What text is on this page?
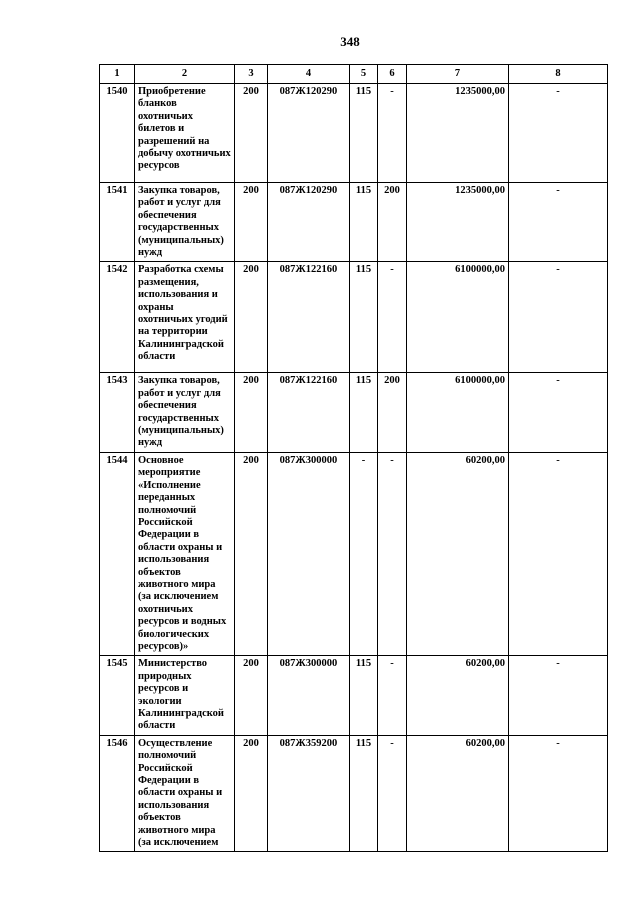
348
1	2	3	4	5	6	7	8
1540	Приобретение бланков охотничьих билетов и разрешений на добычу охотничьих ресурсов	200	087Ж120290	115	-	1235000,00	-
1541	Закупка товаров, работ и услуг для обеспечения государственных (муниципальных) нужд	200	087Ж120290	115	200	1235000,00	-
1542	Разработка схемы размещения, использования и охраны охотничьих угодий на территории Калининградской области	200	087Ж122160	115	-	6100000,00	-
1543	Закупка товаров, работ и услуг для обеспечения государственных (муниципальных) нужд	200	087Ж122160	115	200	6100000,00	-
1544	Основное мероприятие «Исполнение переданных полномочий Российской Федерации в области охраны и использования объектов животного мира (за исключением охотничьих ресурсов и водных биологических ресурсов)»	200	087Ж300000	-	-	60200,00	-
1545	Министерство природных ресурсов и экологии Калининградской области	200	087Ж300000	115	-	60200,00	-
1546	Осуществление полномочий Российской Федерации в области охраны и использования объектов животного мира (за исключением	200	087Ж359200	115	-	60200,00	-
